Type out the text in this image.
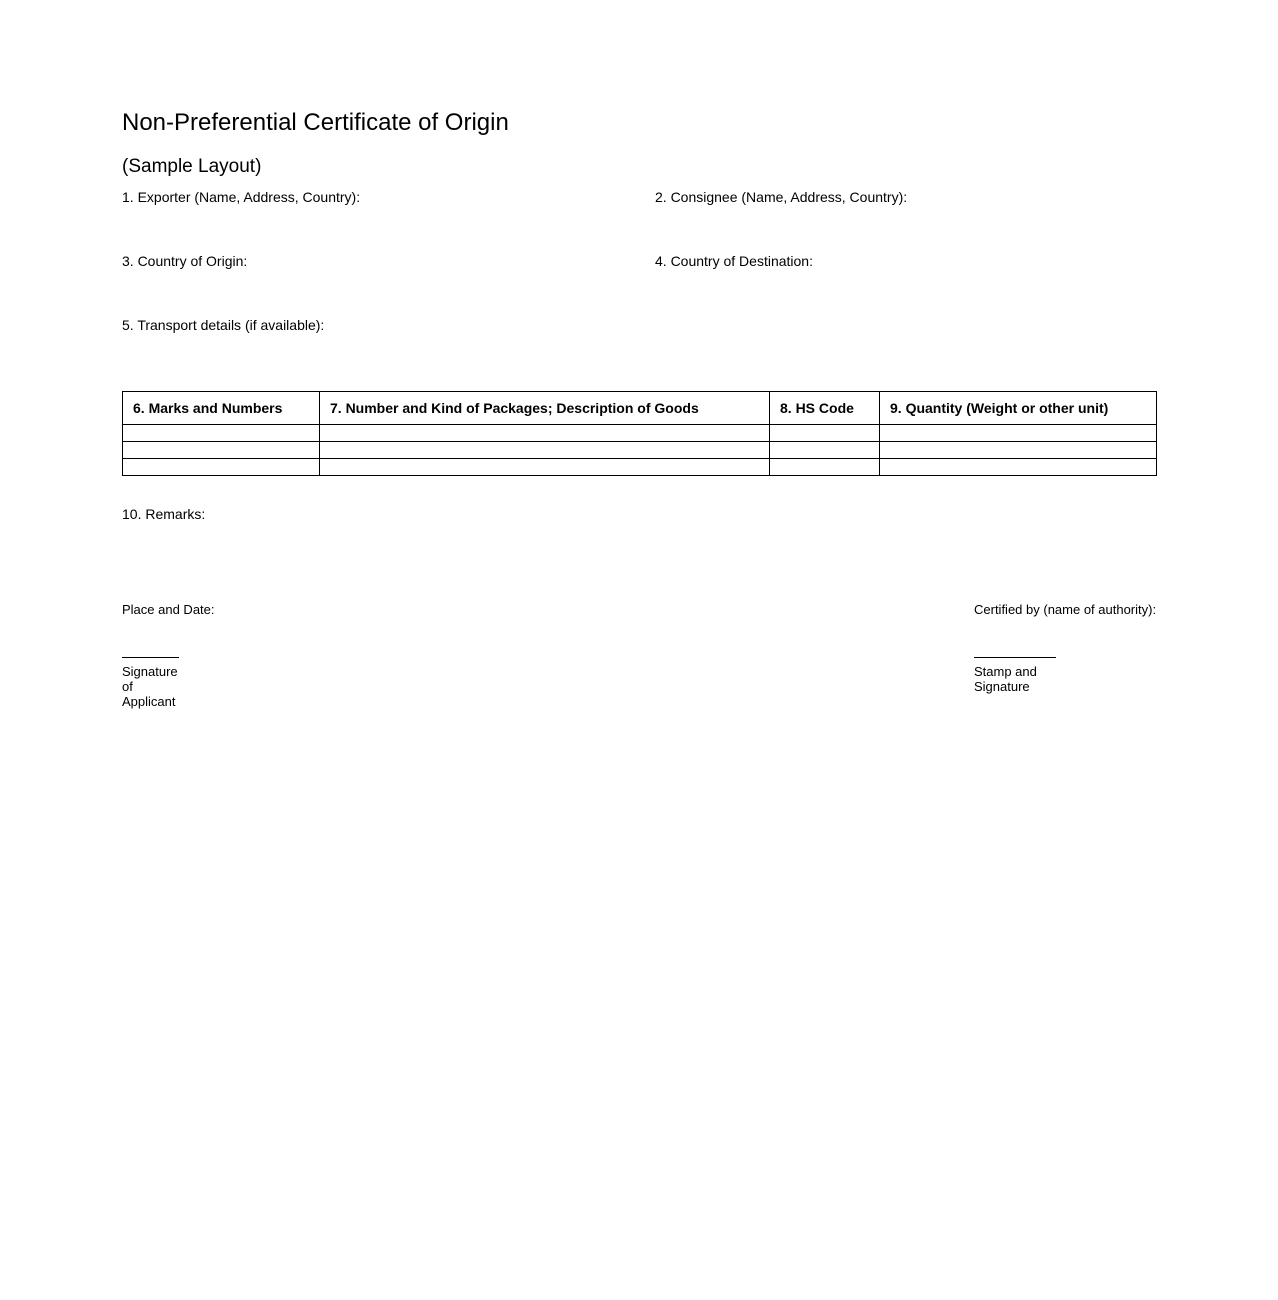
Non-Preferential Certificate of Origin
(Sample Layout)
1. Exporter (Name, Address, Country):	2. Consignee (Name, Address, Country):
3. Country of Origin:	4. Country of Destination:
5. Transport details (if available):
6. Marks and Numbers	7. Number and Kind of Packages; Description of Goods	8. HS Code	9. Quantity (Weight or other unit)

10. Remarks:
Place and Date:	Certified by (name of authority):
Signature
of
Applicant
Stamp and
Signature
